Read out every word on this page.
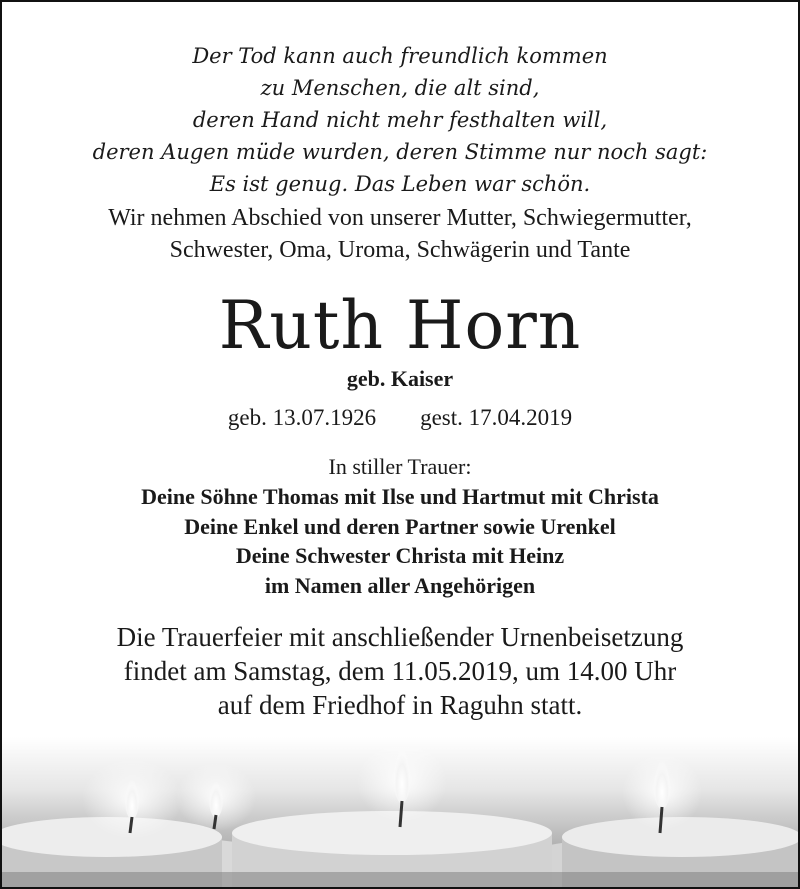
Der Tod kann auch freundlich kommen
zu Menschen, die alt sind,
deren Hand nicht mehr festhalten will,
deren Augen müde wurden, deren Stimme nur noch sagt:
Es ist genug. Das Leben war schön.
Wir nehmen Abschied von unserer Mutter, Schwiegermutter,
Schwester, Oma, Uroma, Schwägerin und Tante
Ruth Horn
geb. Kaiser
geb. 13.07.1926 gest. 17.04.2019
In stiller Trauer:
Deine Söhne Thomas mit Ilse und Hartmut mit Christa
Deine Enkel und deren Partner sowie Urenkel
Deine Schwester Christa mit Heinz
im Namen aller Angehörigen
Die Trauerfeier mit anschließender Urnenbeisetzung
findet am Samstag, dem 11.05.2019, um 14.00 Uhr
auf dem Friedhof in Raguhn statt.
